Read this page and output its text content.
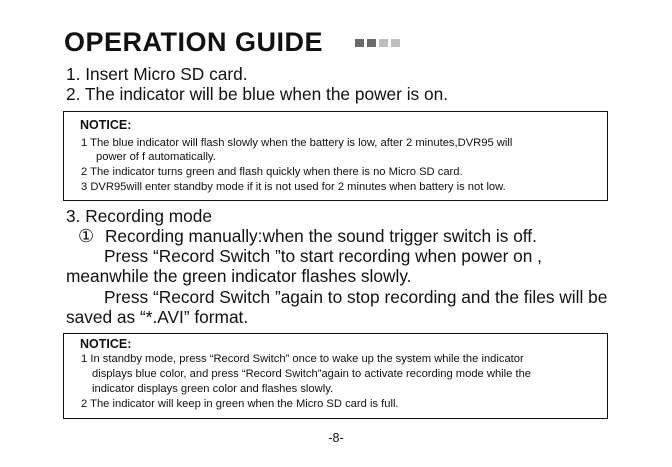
OPERATION GUIDE
1. Insert Micro SD card.
2. The indicator will be blue when the power is on.
NOTICE:
1 The blue indicator will flash slowly when the battery is low, after 2 minutes,DVR95 will
power of f automatically.
2 The indicator turns green and flash quickly when there is no Micro SD card.
3 DVR95will enter standby mode if it is not used for 2 minutes when battery is not low.
3. Recording mode
① Recording manually:when the sound trigger switch is off.
Press “Record Switch ”to start recording when power on ,
meanwhile the green indicator flashes slowly.
Press “Record Switch ”again to stop recording and the files will be
saved as “*.AVI” format.
NOTICE:
1 In standby mode, press “Record Switch” once to wake up the system while the indicator
displays blue color, and press “Record Switch”again to activate recording mode while the
indicator displays green color and flashes slowly.
2 The indicator will keep in green when the Micro SD card is full.
-8-
